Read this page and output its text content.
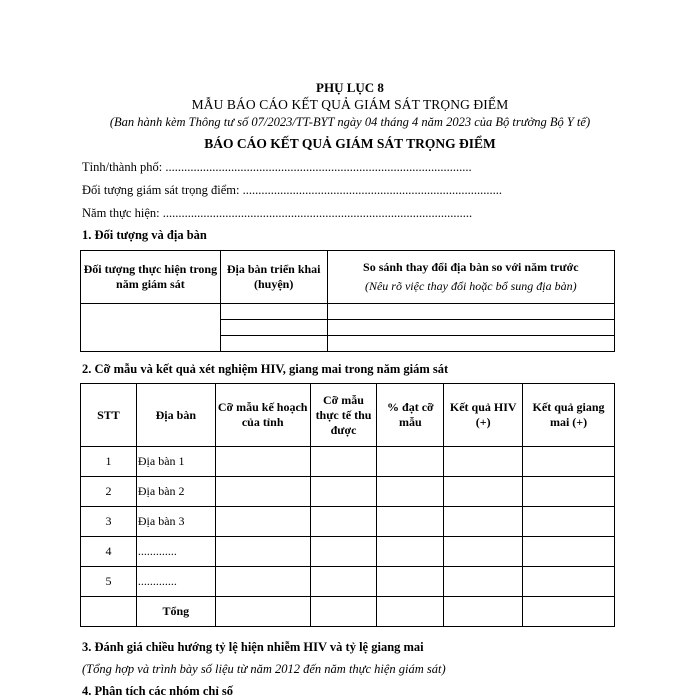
PHỤ LỤC 8
MẪU BÁO CÁO KẾT QUẢ GIÁM SÁT TRỌNG ĐIỂM
(Ban hành kèm Thông tư số 07/2023/TT-BYT ngày 04 tháng 4 năm 2023 của Bộ trưởng Bộ Y tế)
BÁO CÁO KẾT QUẢ GIÁM SÁT TRỌNG ĐIỂM
Tỉnh/thành phố: ..................................................................................................
Đối tượng giám sát trọng điểm: ...................................................................................
Năm thực hiện: ...................................................................................................
1. Đối tượng và địa bàn
Đối tượng thực hiện trong năm giám sát	Địa bàn triển khai (huyện)	So sánh thay đổi địa bàn so với năm trước
(Nêu rõ việc thay đổi hoặc bổ sung địa bàn)

2. Cỡ mẫu và kết quả xét nghiệm HIV, giang mai trong năm giám sát
STT	Địa bàn	Cỡ mẫu kế hoạch của tỉnh	Cỡ mẫu thực tế thu được	% đạt cỡ mẫu	Kết quả HIV (+)	Kết quả giang mai (+)
1	Địa bàn 1					
2	Địa bàn 2					
3	Địa bàn 3					
4	.............					
5	.............					
	Tổng					
3. Đánh giá chiều hướng tỷ lệ hiện nhiễm HIV và tỷ lệ giang mai
(Tổng hợp và trình bày số liệu từ năm 2012 đến năm thực hiện giám sát)
4. Phân tích các nhóm chỉ số
